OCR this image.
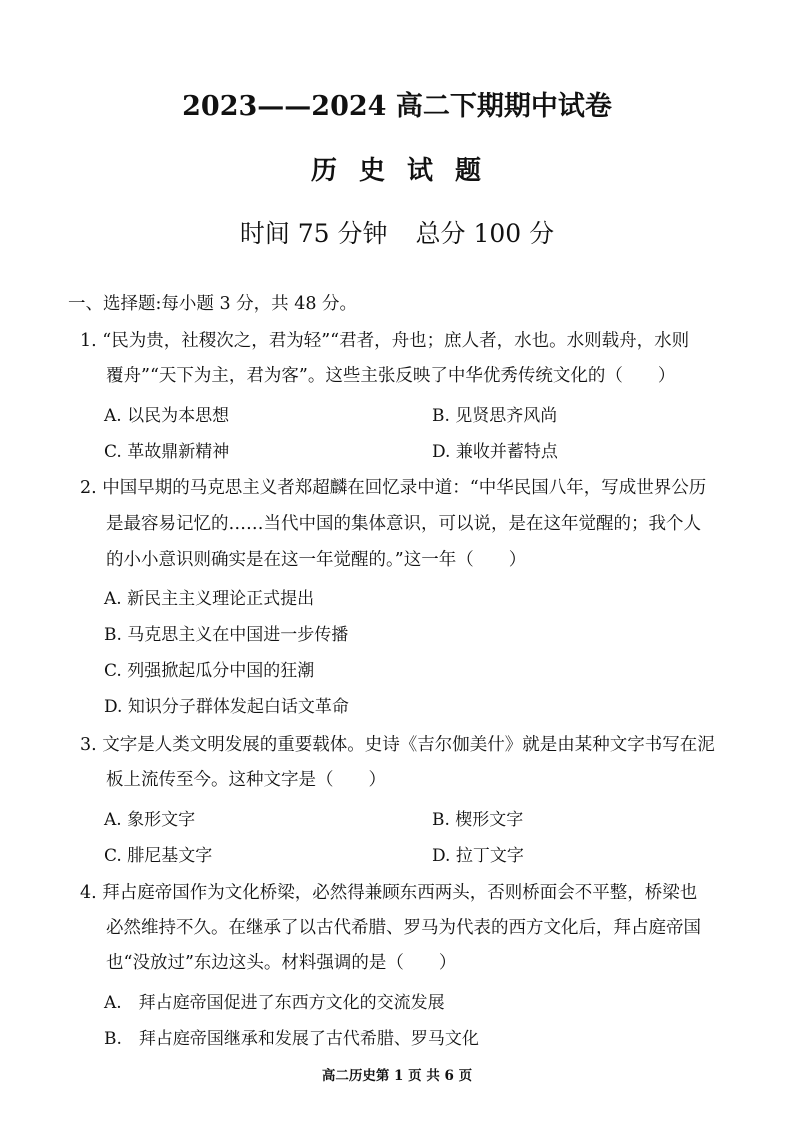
2023——2024 高二下期期中试卷
历史试题
时间 75 分钟 总分 100 分
一、选择题:每小题 3 分，共 48 分。
1. “民为贵，社稷次之，君为轻”“君者，舟也；庶人者，水也。水则载舟，水则
覆舟”“天下为主，君为客”。这些主张反映了中华优秀传统文化的（　　）
A. 以民为本思想	B. 见贤思齐风尚
C. 革故鼎新精神	D. 兼收并蓄特点
2. 中国早期的马克思主义者郑超麟在回忆录中道：“中华民国八年，写成世界公历
是最容易记忆的……当代中国的集体意识，可以说，是在这年觉醒的；我个人
的小小意识则确实是在这一年觉醒的。”这一年（　　）
A. 新民主主义理论正式提出
B. 马克思主义在中国进一步传播
C. 列强掀起瓜分中国的狂潮
D. 知识分子群体发起白话文革命
3. 文字是人类文明发展的重要载体。史诗《吉尔伽美什》就是由某种文字书写在泥
板上流传至今。这种文字是（　　）
A. 象形文字	B. 楔形文字
C. 腓尼基文字	D. 拉丁文字
4. 拜占庭帝国作为文化桥梁，必然得兼顾东西两头，否则桥面会不平整，桥梁也
必然维持不久。在继承了以古代希腊、罗马为代表的西方文化后，拜占庭帝国
也“没放过”东边这头。材料强调的是（　　）
A.　拜占庭帝国促进了东西方文化的交流发展
B.　拜占庭帝国继承和发展了古代希腊、罗马文化
高二历史第 1 页 共 6 页
